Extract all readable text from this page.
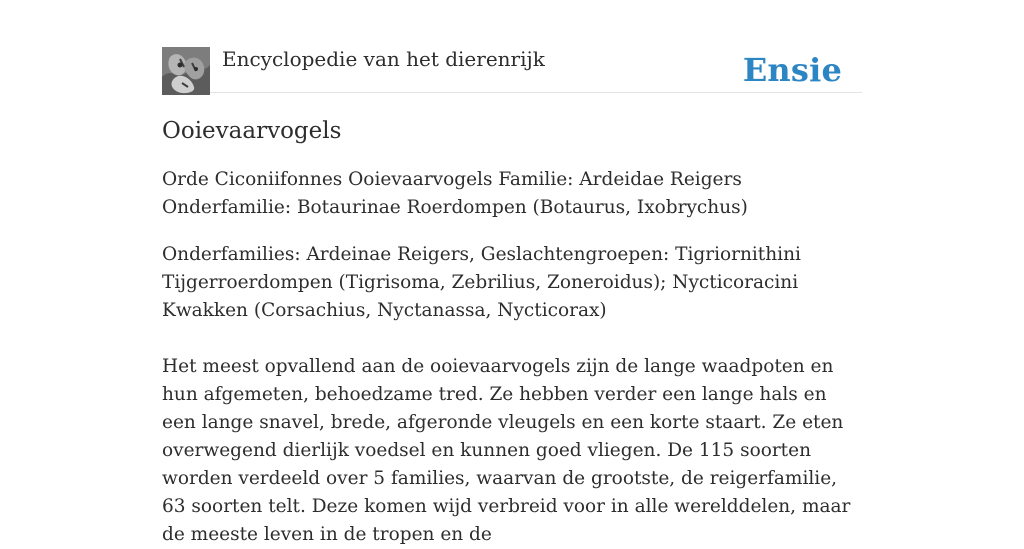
Encyclopedie van het dierenrijk	Ensie
Ooievaarvogels

Orde Ciconiifonnes Ooievaarvogels Familie: Ardeidae Reigers Onderfamilie: Botaurinae Roerdompen (Botaurus, Ixobrychus)

Onderfamilies: Ardeinae Reigers, Geslachtengroepen: Tigriornithini Tijgerroerdompen (Tigrisoma, Zebrilius, Zoneroidus); Nycticoracini Kwakken (Corsachius, Nyctanassa, Nycticorax)

Het meest opvallend aan de ooievaarvogels zijn de lange waadpoten en hun afgemeten, behoedzame tred. Ze hebben verder een lange hals en een lange snavel, brede, afgeronde vleugels en een korte staart. Ze eten overwegend dierlijk voedsel en kunnen goed vliegen. De 115 soorten worden verdeeld over 5 families, waarvan de grootste, de reigerfamilie, 63 soorten telt. Deze komen wijd verbreid voor in alle werelddelen, maar de meeste leven in de tropen en de
